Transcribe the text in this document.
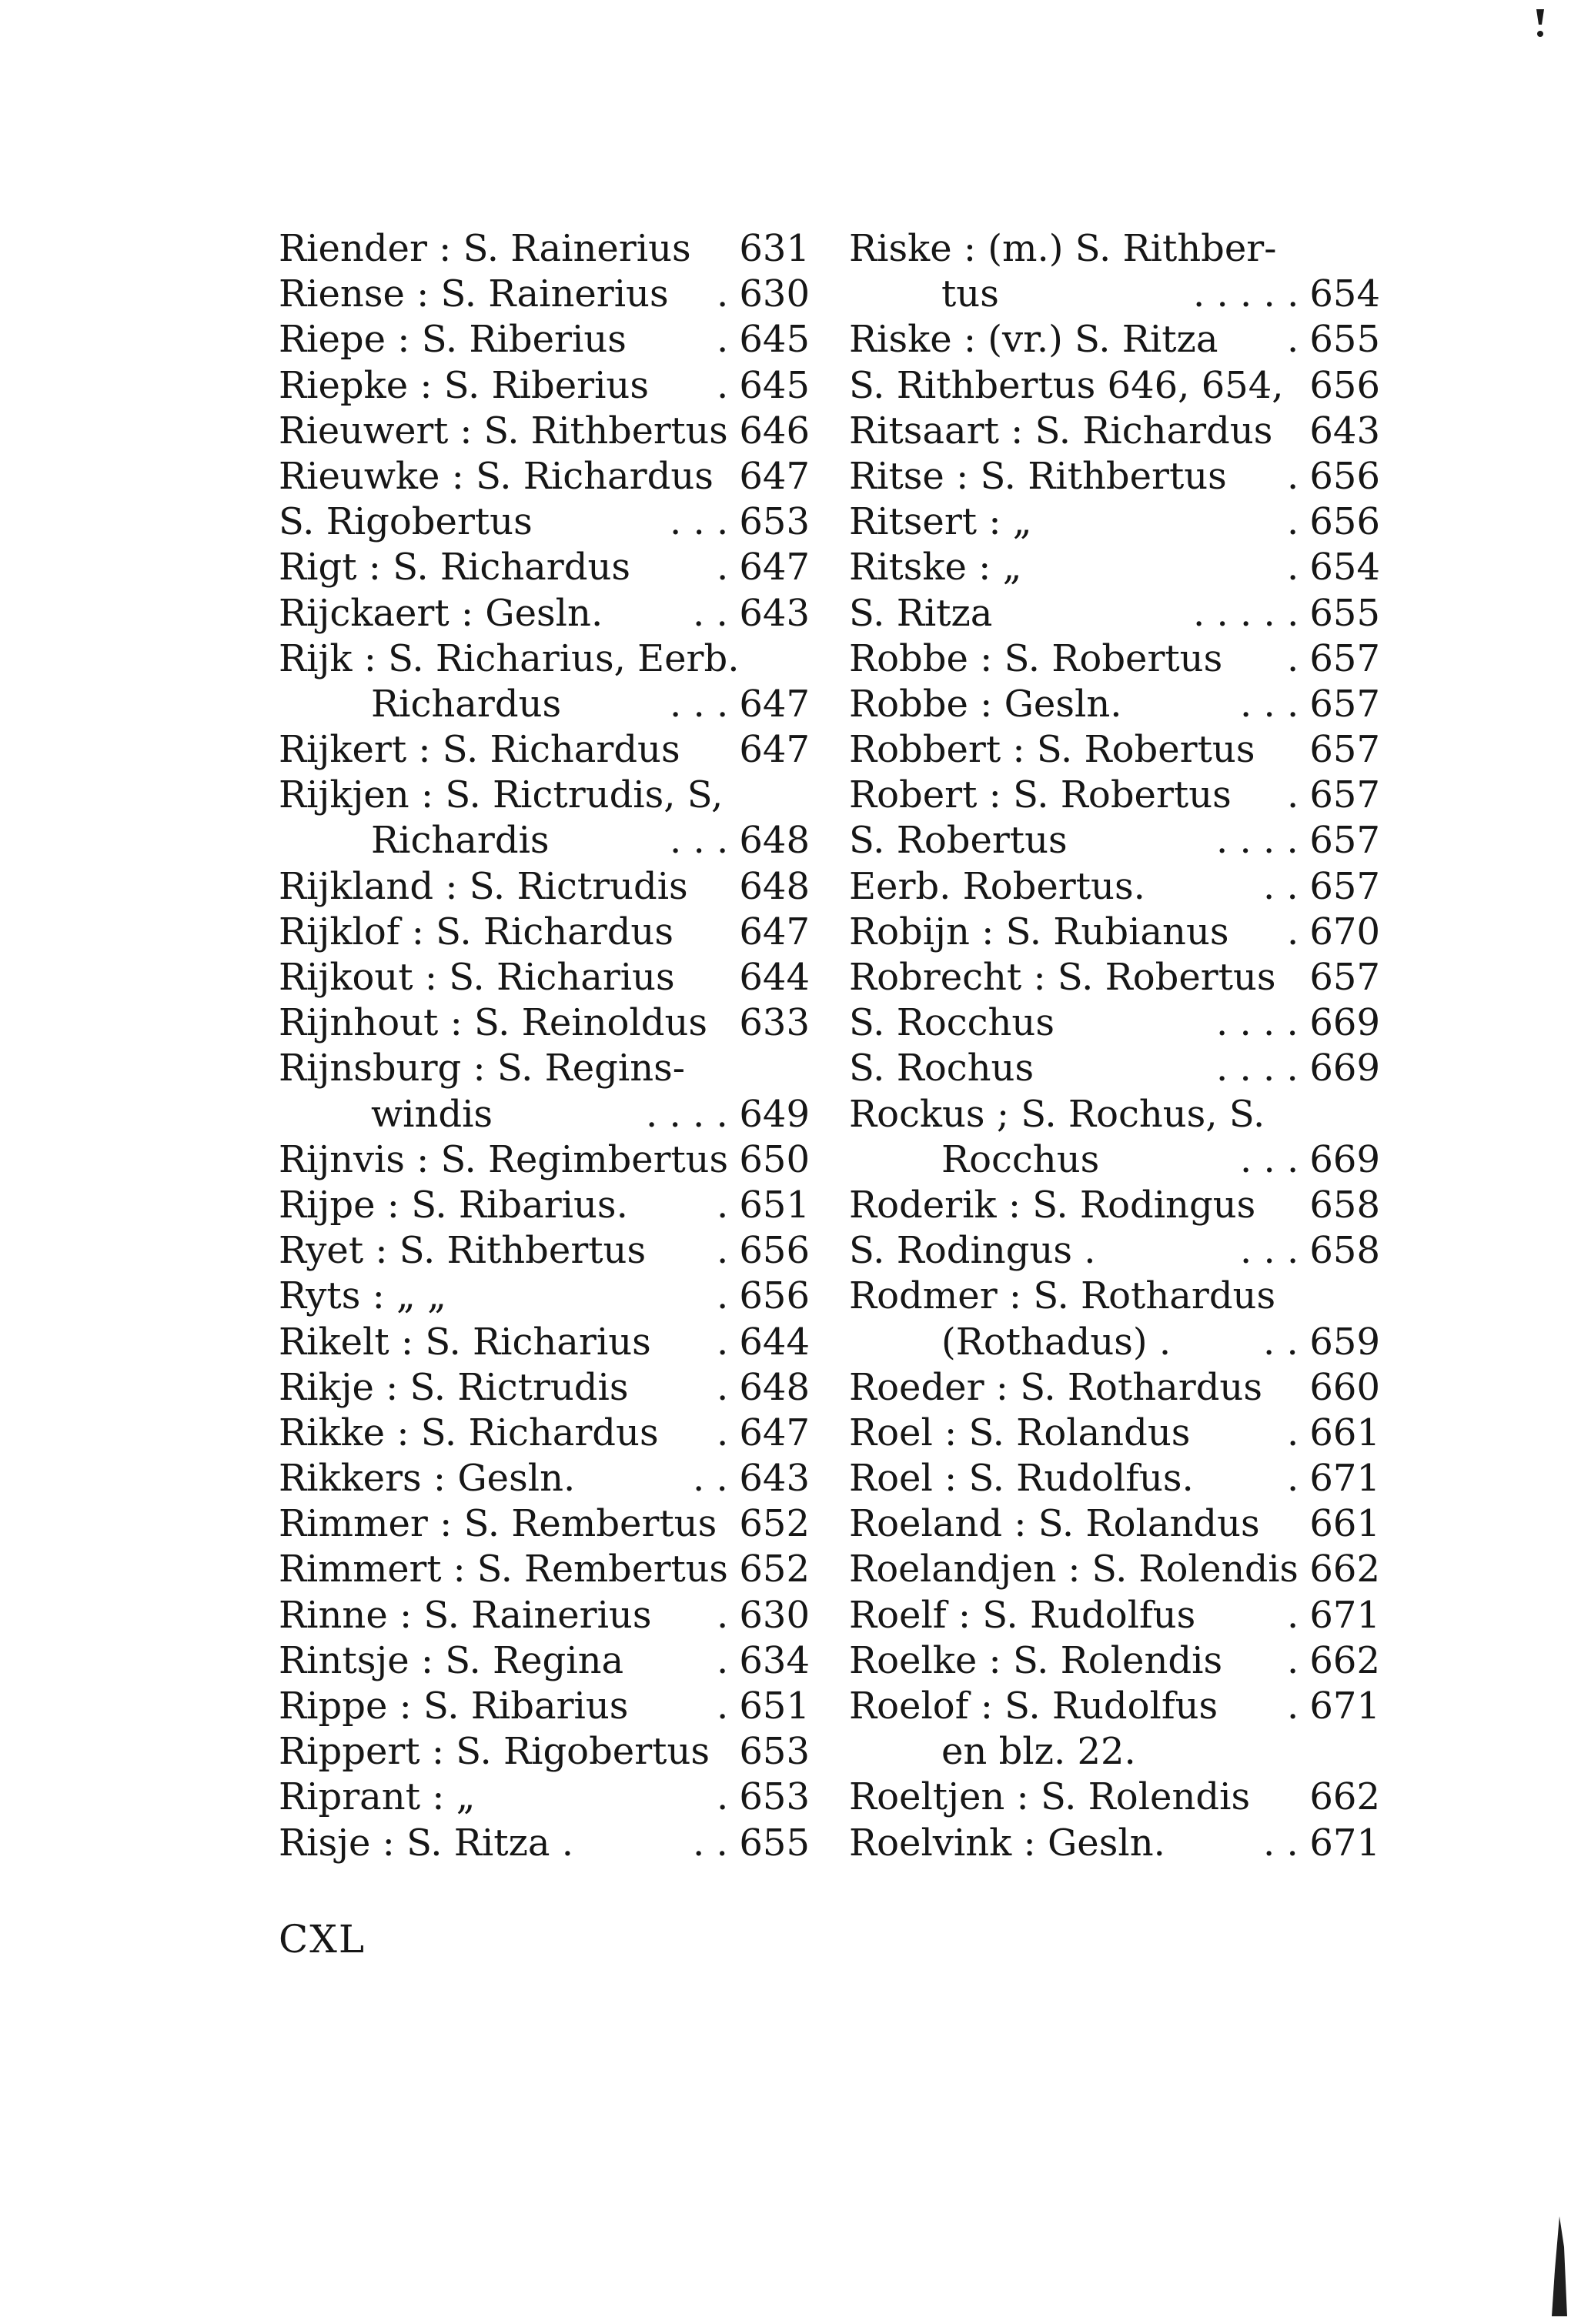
Riender : S. Rainerius 631
Riense : S. Rainerius . 630
Riepe : S. Riberius . 645
Riepke : S. Riberius . 645
Rieuwert : S. Rithbertus 646
Rieuwke : S. Richardus 647
S. Rigobertus	. . . 653
Rigt : S. Richardus . 647
Rijckaert : Gesln. . . 643
Rijk : S. Richarius, Eerb.
Richardus	. . . 647
Rijkert : S. Richardus 647
Rijkjen : S. Rictrudis, S,
Richardis	. . . 648
Rijkland : S. Rictrudis 648
Rijklof : S. Richardus 647
Rijkout : S. Richarius 644
Rijnhout : S. Reinoldus 633
Rijnsburg : S. Regins-
windis	. . . . 649
Rijnvis : S. Regimbertus 650
Rijpe : S. Ribarius. . 651
Ryet : S. Rithbertus . 656
Ryts : „ „	. 656
Rikelt : S. Richarius . 644
Rikje : S. Rictrudis . 648
Rikke : S. Richardus . 647
Rikkers : Gesln.	. . 643
Rimmer : S. Rembertus 652
Rimmert : S. Rembertus 652
Rinne : S. Rainerius . 630
Rintsje : S. Regina	. 634
Rippe : S. Ribarius . 651
Rippert : S. Rigobertus 653
Riprant : „	. 653
Risje : S. Ritza .	. . 655
Riske : (m.) S. Rithber-
tus	. . . . . 654
Riske : (vr.) S. Ritza . 655
S. Rithbertus 646, 654, 656
Ritsaart : S. Richardus 643
Ritse : S. Rithbertus . 656
Ritsert : „	. 656
Ritske : „	. 654
S. Ritza	. . . . . 655
Robbe : S. Robertus . 657
Robbe : Gesln.	. . . 657
Robbert : S. Robertus 657
Robert : S. Robertus . 657
S. Robertus	. . . . 657
Eerb. Robertus.	. . 657
Robijn : S. Rubianus . 670
Robrecht : S. Robertus 657
S. Rocchus	. . . . 669
S. Rochus	. . . . 669
Rockus ; S. Rochus, S.
Rocchus	. . . 669
Roderik : S. Rodingus 658
S. Rodingus .	. . . 658
Rodmer : S. Rothardus
(Rothadus) . . . 659
Roeder : S. Rothardus 660
Roel : S. Rolandus	. 661
Roel : S. Rudolfus.	. 671
Roeland : S. Rolandus 661
Roelandjen : S. Rolendis 662
Roelf : S. Rudolfus . 671
Roelke : S. Rolendis . 662
Roelof : S. Rudolfus . 671
en blz. 22.
Roeltjen : S. Rolendis 662
Roelvink : Gesln.	. . 671
CXL
